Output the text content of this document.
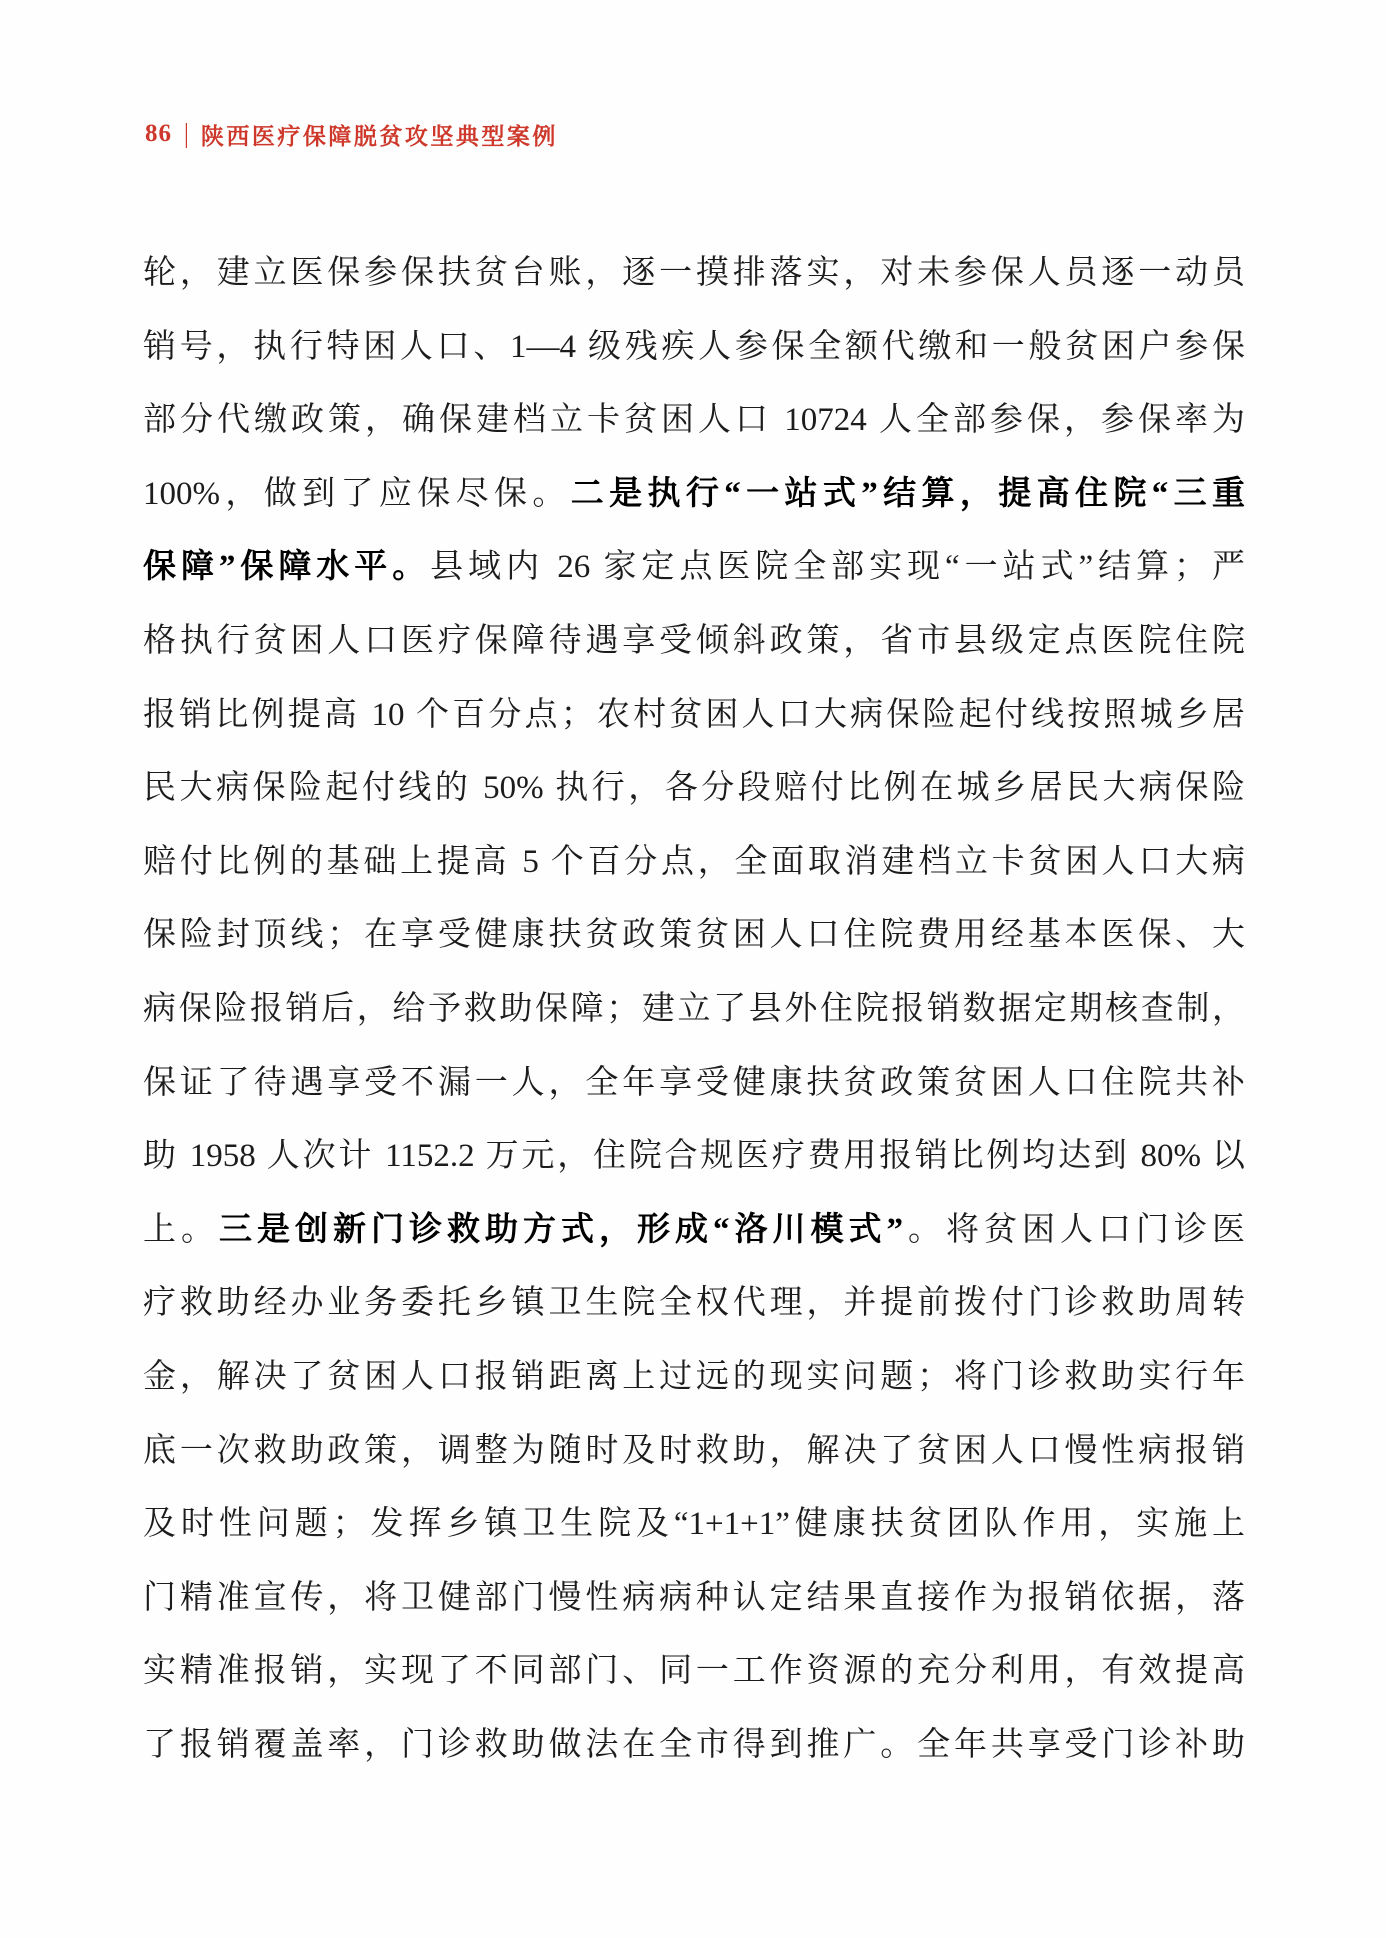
86 | 陕西医疗保障脱贫攻坚典型案例
轮，建立医保参保扶贫台账，逐一摸排落实，对未参保人员逐一动员
销号，执行特困人口、1—4 级残疾人参保全额代缴和一般贫困户参保
部分代缴政策，确保建档立卡贫困人口 10724 人全部参保，参保率为
100%，做到了应保尽保。二是执行“一站式”结算，提高住院“三重
保障”保障水平。县域内 26 家定点医院全部实现“一站式”结算；严
格执行贫困人口医疗保障待遇享受倾斜政策，省市县级定点医院住院
报销比例提高 10 个百分点；农村贫困人口大病保险起付线按照城乡居
民大病保险起付线的 50% 执行，各分段赔付比例在城乡居民大病保险
赔付比例的基础上提高 5 个百分点，全面取消建档立卡贫困人口大病
保险封顶线；在享受健康扶贫政策贫困人口住院费用经基本医保、大
病保险报销后，给予救助保障；建立了县外住院报销数据定期核查制，
保证了待遇享受不漏一人，全年享受健康扶贫政策贫困人口住院共补
助 1958 人次计 1152.2 万元，住院合规医疗费用报销比例均达到 80% 以
上。三是创新门诊救助方式，形成“洛川模式”。将贫困人口门诊医
疗救助经办业务委托乡镇卫生院全权代理，并提前拨付门诊救助周转
金，解决了贫困人口报销距离上过远的现实问题；将门诊救助实行年
底一次救助政策，调整为随时及时救助，解决了贫困人口慢性病报销
及时性问题；发挥乡镇卫生院及“1+1+1”健康扶贫团队作用，实施上
门精准宣传，将卫健部门慢性病病种认定结果直接作为报销依据，落
实精准报销，实现了不同部门、同一工作资源的充分利用，有效提高
了报销覆盖率，门诊救助做法在全市得到推广。全年共享受门诊补助
